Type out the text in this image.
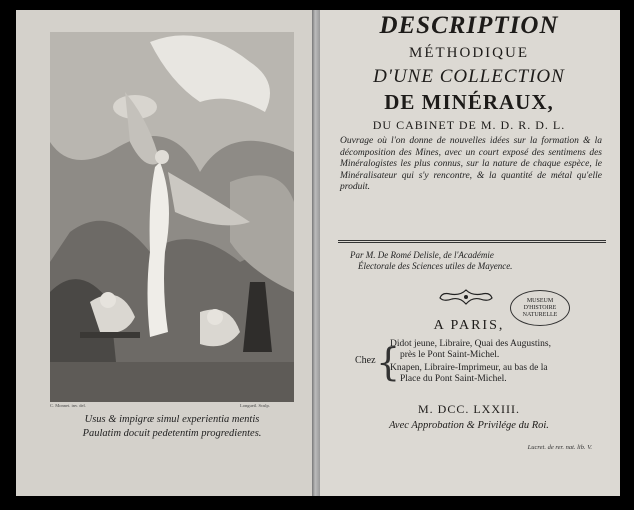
C. Monnet. inv. del.	Longueil. Sculp.
Usus & impigræ simul experientia mentis
Paulatim docuit pedetentim progredientes.
Lucret. de rer. nat. lib. V.
DESCRIPTION
MÉTHODIQUE
D'UNE COLLECTION
DE MINÉRAUX,
DU CABINET DE M. D. R. D. L.
Ouvrage où l'on donne de nouvelles idées sur la formation & la décomposition des Mines, avec un court exposé des sentimens des Minéralogistes les plus connus, sur la nature de chaque espèce, le Minéralisateur qui s'y rencontre, & la quantité de métal qu'elle produit.
Par M. De Romé Delisle, de l'Académie
Électorale des Sciences utiles de Mayence.
MUSEUM
D'HISTOIRE
NATURELLE
A PARIS,
Chez {
Didot jeune, Libraire, Quai des Augustins,
près le Pont Saint-Michel.
Knapen, Libraire-Imprimeur, au bas de la
Place du Pont Saint-Michel.
M. DCC. LXXIII.
Avec Approbation & Privilége du Roi.
